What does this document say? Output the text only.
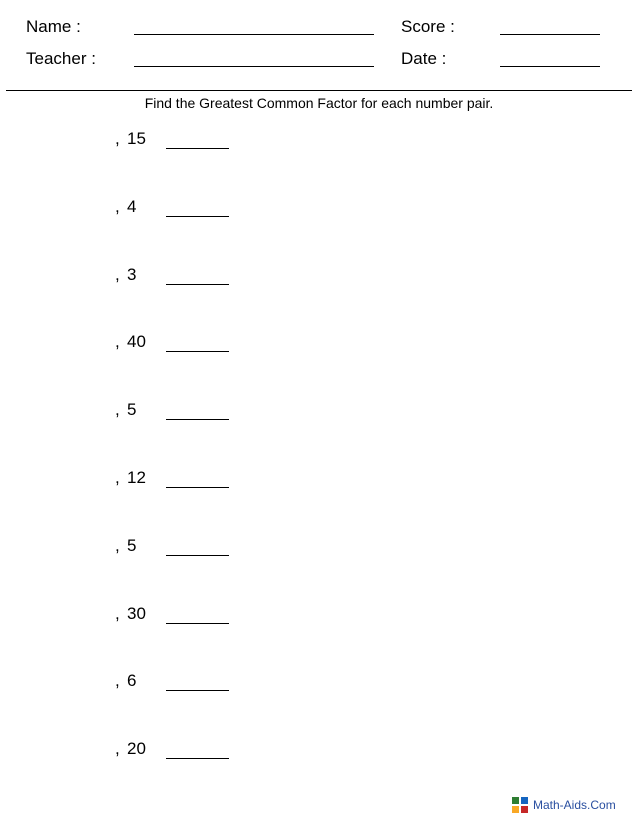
Name :	Score :
Teacher :	Date :
Find the Greatest Common Factor for each number pair.
, 15
, 4
, 3
, 40
, 5
, 12
, 5
, 30
, 6
, 20
Math-Aids.Com
